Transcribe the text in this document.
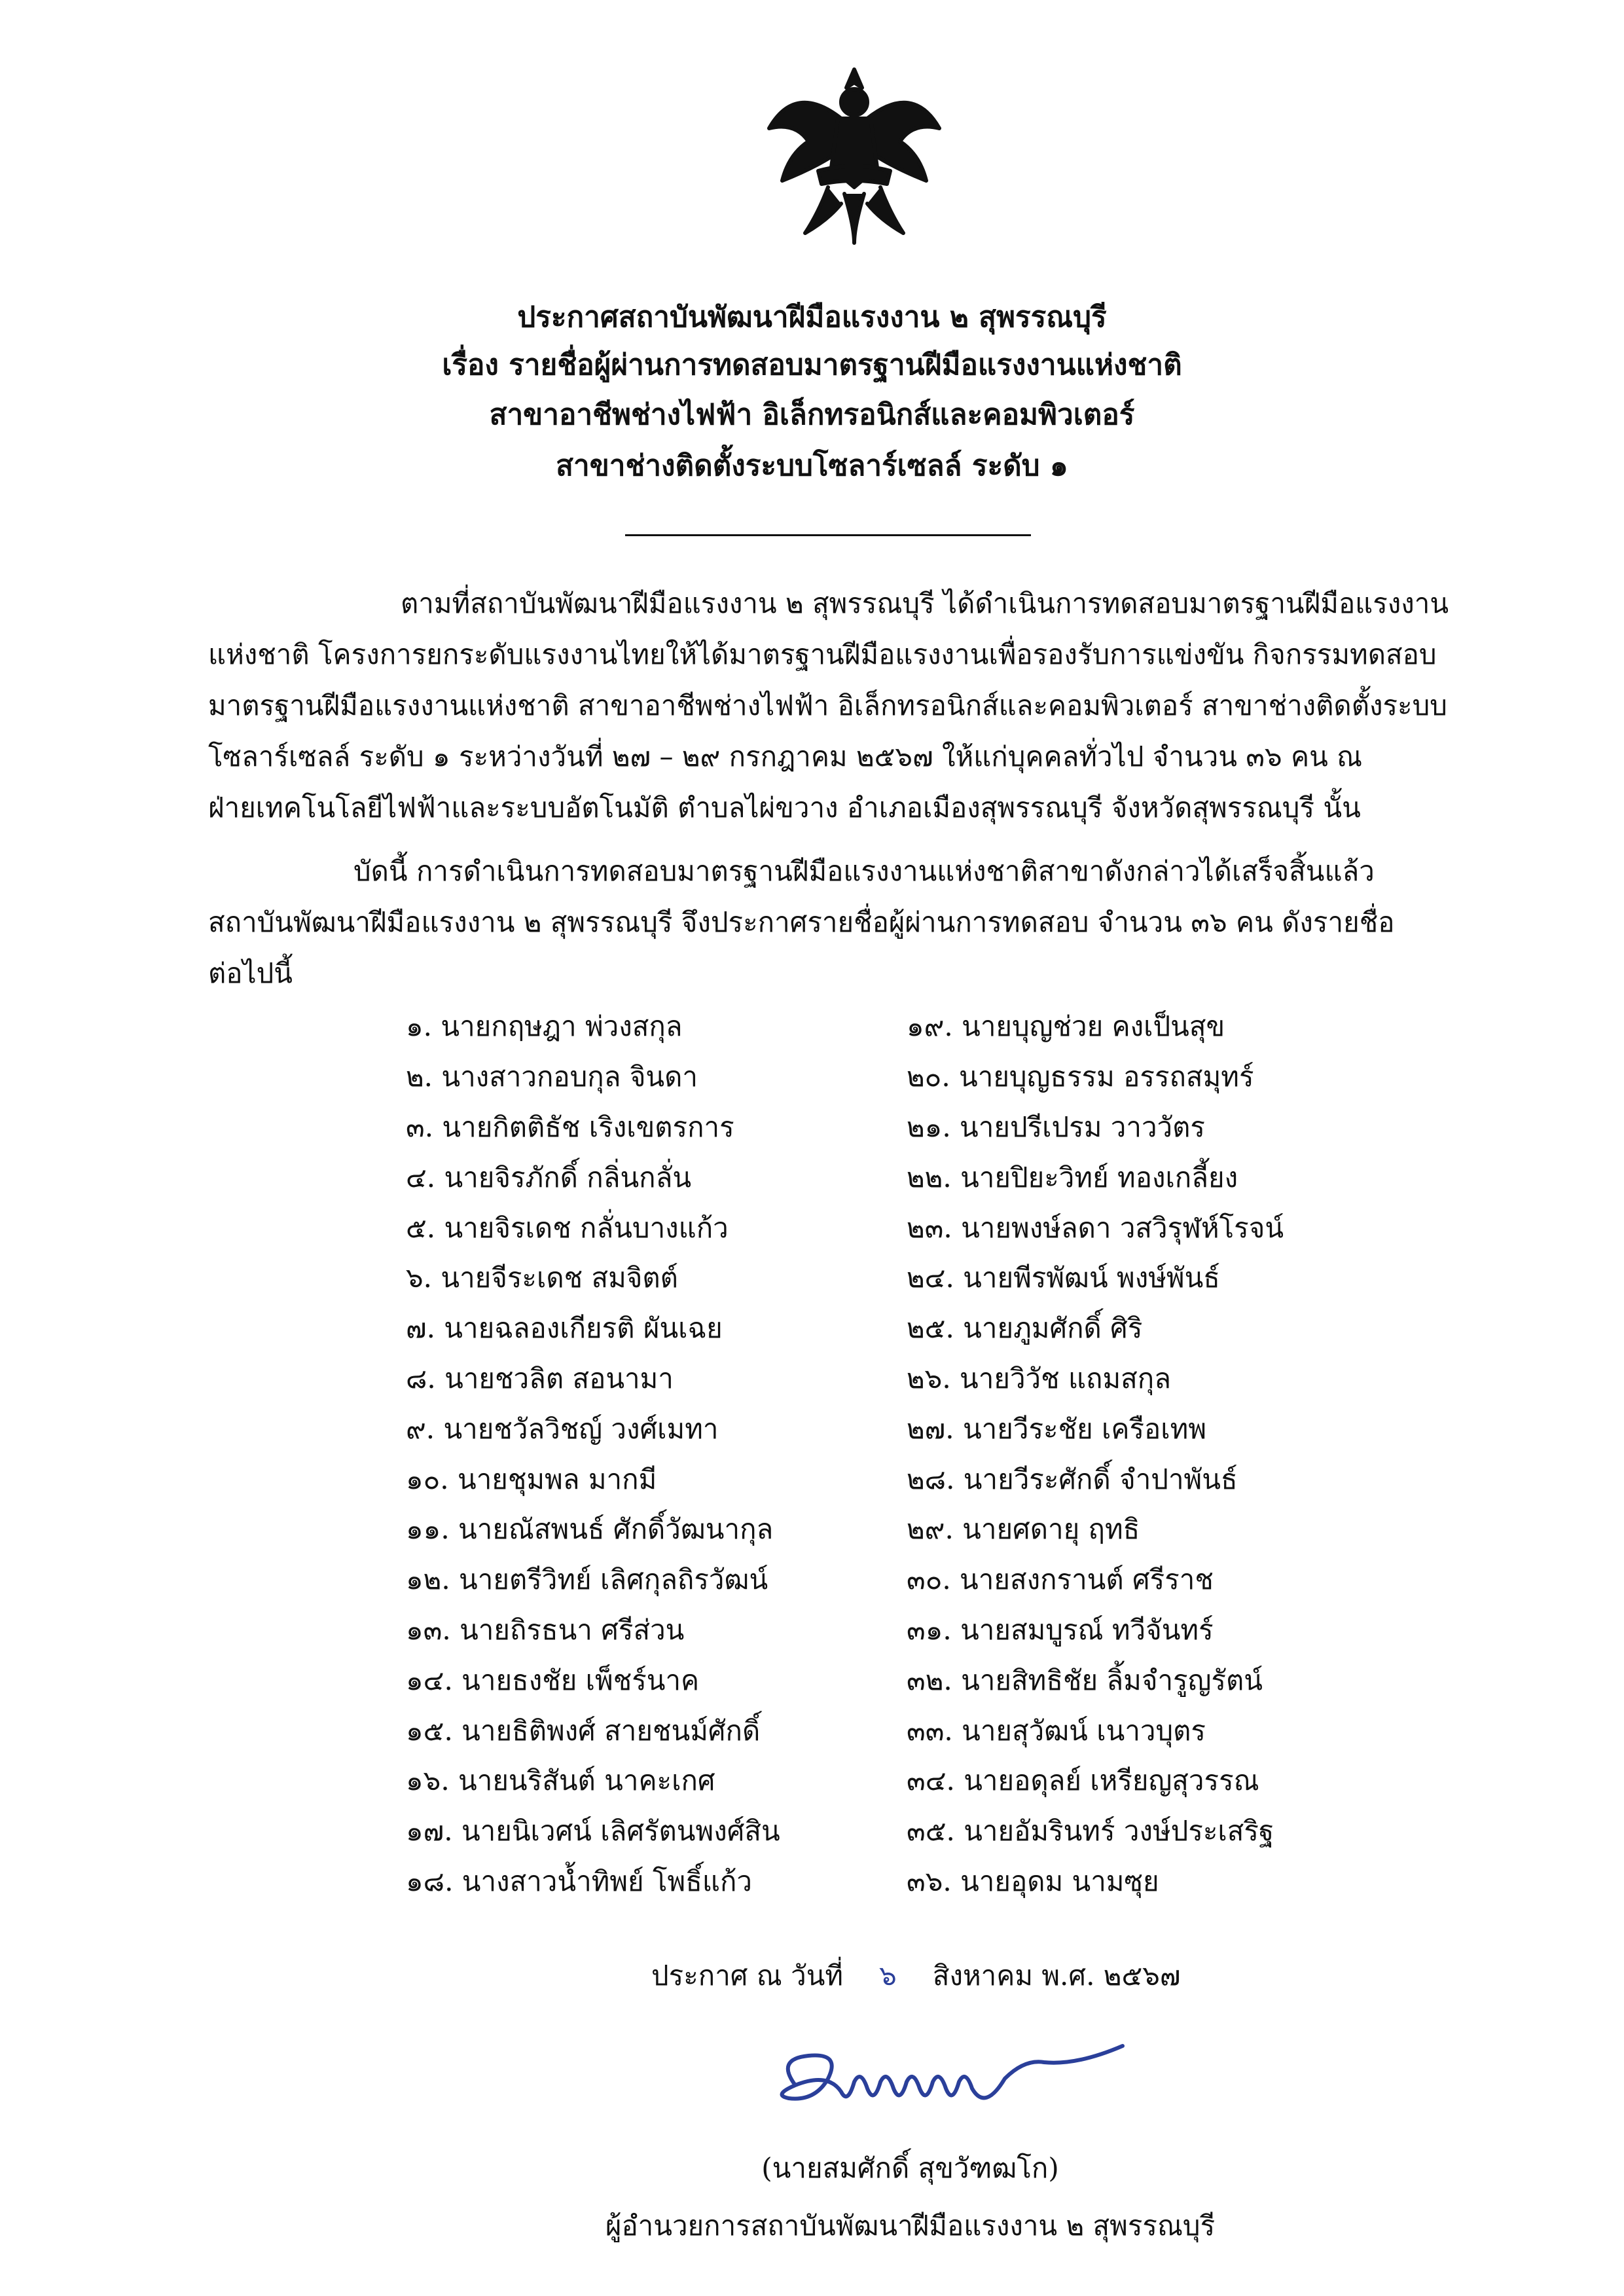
ประกาศสถาบันพัฒนาฝีมือแรงงาน ๒ สุพรรณบุรี
เรื่อง รายชื่อผู้ผ่านการทดสอบมาตรฐานฝีมือแรงงานแห่งชาติ
สาขาอาชีพช่างไฟฟ้า อิเล็กทรอนิกส์และคอมพิวเตอร์
สาขาช่างติดตั้งระบบโซลาร์เซลล์ ระดับ ๑
ตามที่สถาบันพัฒนาฝีมือแรงงาน ๒ สุพรรณบุรี ได้ดำเนินการทดสอบมาตรฐานฝีมือแรงงาน
แห่งชาติ โครงการยกระดับแรงงานไทยให้ได้มาตรฐานฝีมือแรงงานเพื่อรองรับการแข่งขัน กิจกรรมทดสอบ
มาตรฐานฝีมือแรงงานแห่งชาติ สาขาอาชีพช่างไฟฟ้า อิเล็กทรอนิกส์และคอมพิวเตอร์ สาขาช่างติดตั้งระบบ
โซลาร์เซลล์ ระดับ ๑ ระหว่างวันที่ ๒๗ – ๒๙ กรกฎาคม ๒๕๖๗ ให้แก่บุคคลทั่วไป จำนวน ๓๖ คน ณ
ฝ่ายเทคโนโลยีไฟฟ้าและระบบอัตโนมัติ ตำบลไผ่ขวาง อำเภอเมืองสุพรรณบุรี จังหวัดสุพรรณบุรี นั้น
บัดนี้ การดำเนินการทดสอบมาตรฐานฝีมือแรงงานแห่งชาติสาขาดังกล่าวได้เสร็จสิ้นแล้ว
สถาบันพัฒนาฝีมือแรงงาน ๒ สุพรรณบุรี จึงประกาศรายชื่อผู้ผ่านการทดสอบ จำนวน ๓๖ คน ดังรายชื่อ
ต่อไปนี้
๑. นายกฤษฎา พ่วงสกุล
๒. นางสาวกอบกุล จินดา
๓. นายกิตติธัช เริงเขตรการ
๔. นายจิรภักดิ์ กลิ่นกลั่น
๕. นายจิรเดช กลั่นบางแก้ว
๖. นายจีระเดช สมจิตต์
๗. นายฉลองเกียรติ ผันเฉย
๘. นายชวลิต สอนามา
๙. นายชวัลวิชญ์ วงศ์เมทา
๑๐. นายชุมพล มากมี
๑๑. นายณัสพนธ์ ศักดิ์วัฒนากุล
๑๒. นายตรีวิทย์ เลิศกุลถิรวัฒน์
๑๓. นายถิรธนา ศรีส่วน
๑๔. นายธงชัย เพ็ชร์นาค
๑๕. นายธิติพงศ์ สายชนม์ศักดิ์
๑๖. นายนริสันต์ นาคะเกศ
๑๗. นายนิเวศน์ เลิศรัตนพงศ์สิน
๑๘. นางสาวน้ำทิพย์ โพธิ์แก้ว
๑๙. นายบุญช่วย คงเป็นสุข
๒๐. นายบุญธรรม อรรถสมุทร์
๒๑. นายปรีเปรม วาววัตร
๒๒. นายปิยะวิทย์ ทองเกลี้ยง
๒๓. นายพงษ์ลดา วสวิรุฬห์โรจน์
๒๔. นายพีรพัฒน์ พงษ์พันธ์
๒๕. นายภูมศักดิ์ ศิริ
๒๖. นายวิวัช แถมสกุล
๒๗. นายวีระชัย เครือเทพ
๒๘. นายวีระศักดิ์ จำปาพันธ์
๒๙. นายศดายุ ฤทธิ
๓๐. นายสงกรานต์ ศรีราช
๓๑. นายสมบูรณ์ ทวีจันทร์
๓๒. นายสิทธิชัย ลิ้มจำรูญรัตน์
๓๓. นายสุวัฒน์ เนาวบุตร
๓๔. นายอดุลย์ เหรียญสุวรรณ
๓๕. นายอัมรินทร์ วงษ์ประเสริฐ
๓๖. นายอุดม นามซุย
ประกาศ ณ วันที่ ๖ สิงหาคม พ.ศ. ๒๕๖๗
(นายสมศักดิ์ สุขวัฑฒโก)
ผู้อำนวยการสถาบันพัฒนาฝีมือแรงงาน ๒ สุพรรณบุรี
